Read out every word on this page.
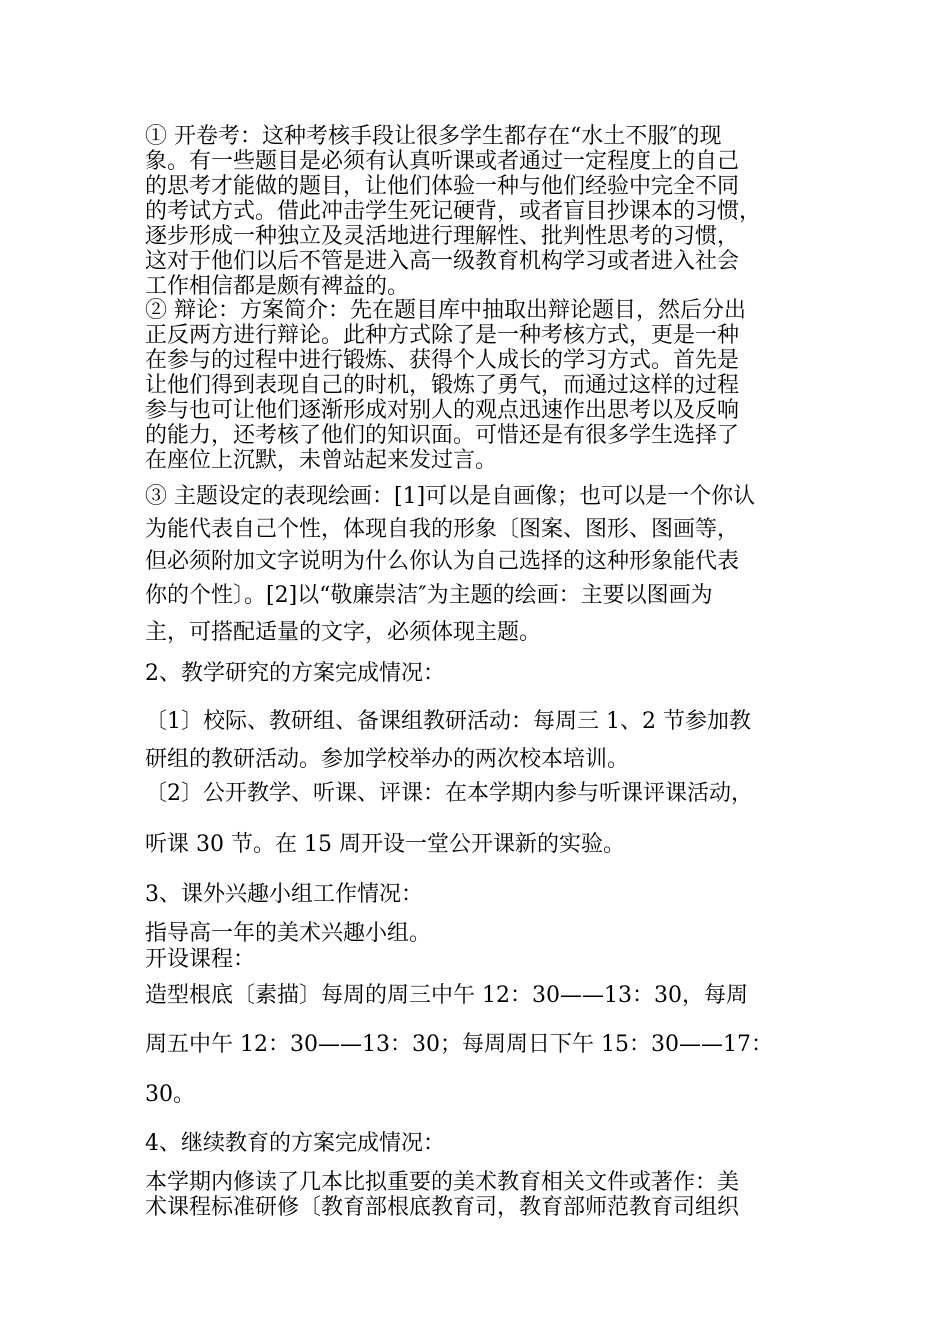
① 开卷考：这种考核手段让很多学生都存在“水土不服″的现
象。有一些题目是必须有认真听课或者通过一定程度上的自己
的思考才能做的题目，让他们体验一种与他们经验中完全不同
的考试方式。借此冲击学生死记硬背，或者盲目抄课本的习惯，
逐步形成一种独立及灵活地进行理解性、批判性思考的习惯，
这对于他们以后不管是进入高一级教育机构学习或者进入社会
工作相信都是颇有裨益的。
② 辩论：方案简介：先在题目库中抽取出辩论题目，然后分出
正反两方进行辩论。此种方式除了是一种考核方式，更是一种
在参与的过程中进行锻炼、获得个人成长的学习方式。首先是
让他们得到表现自己的时机，锻炼了勇气，而通过这样的过程
参与也可让他们逐渐形成对别人的观点迅速作出思考以及反响
的能力，还考核了他们的知识面。可惜还是有很多学生选择了
在座位上沉默，未曾站起来发过言。

③ 主题设定的表现绘画：[1]可以是自画像；也可以是一个你认

为能代表自己个性，体现自我的形象〔图案、图形、图画等，

但必须附加文字说明为什么你认为自己选择的这种形象能代表

你的个性〕。[2]以“敬廉崇洁″为主题的绘画：主要以图画为

主，可搭配适量的文字，必须体现主题。

2、教学研究的方案完成情况：

〔1〕校际、教研组、备课组教研活动：每周三 1、2 节参加教

研组的教研活动。参加学校举办的两次校本培训。

〔2〕公开教学、听课、评课：在本学期内参与听课评课活动，

听课 30 节。在 15 周开设一堂公开课新的实验。

3、课外兴趣小组工作情况：

指导高一年的美术兴趣小组。

开设课程：

造型根底〔素描〕每周的周三中午 12：30——13：30，每周

周五中午 12：30——13：30；每周周日下午 15：30——17：

30。

4、继续教育的方案完成情况：

本学期内修读了几本比拟重要的美术教育相关文件或著作：美
术课程标准研修〔教育部根底教育司，教育部师范教育司组织
